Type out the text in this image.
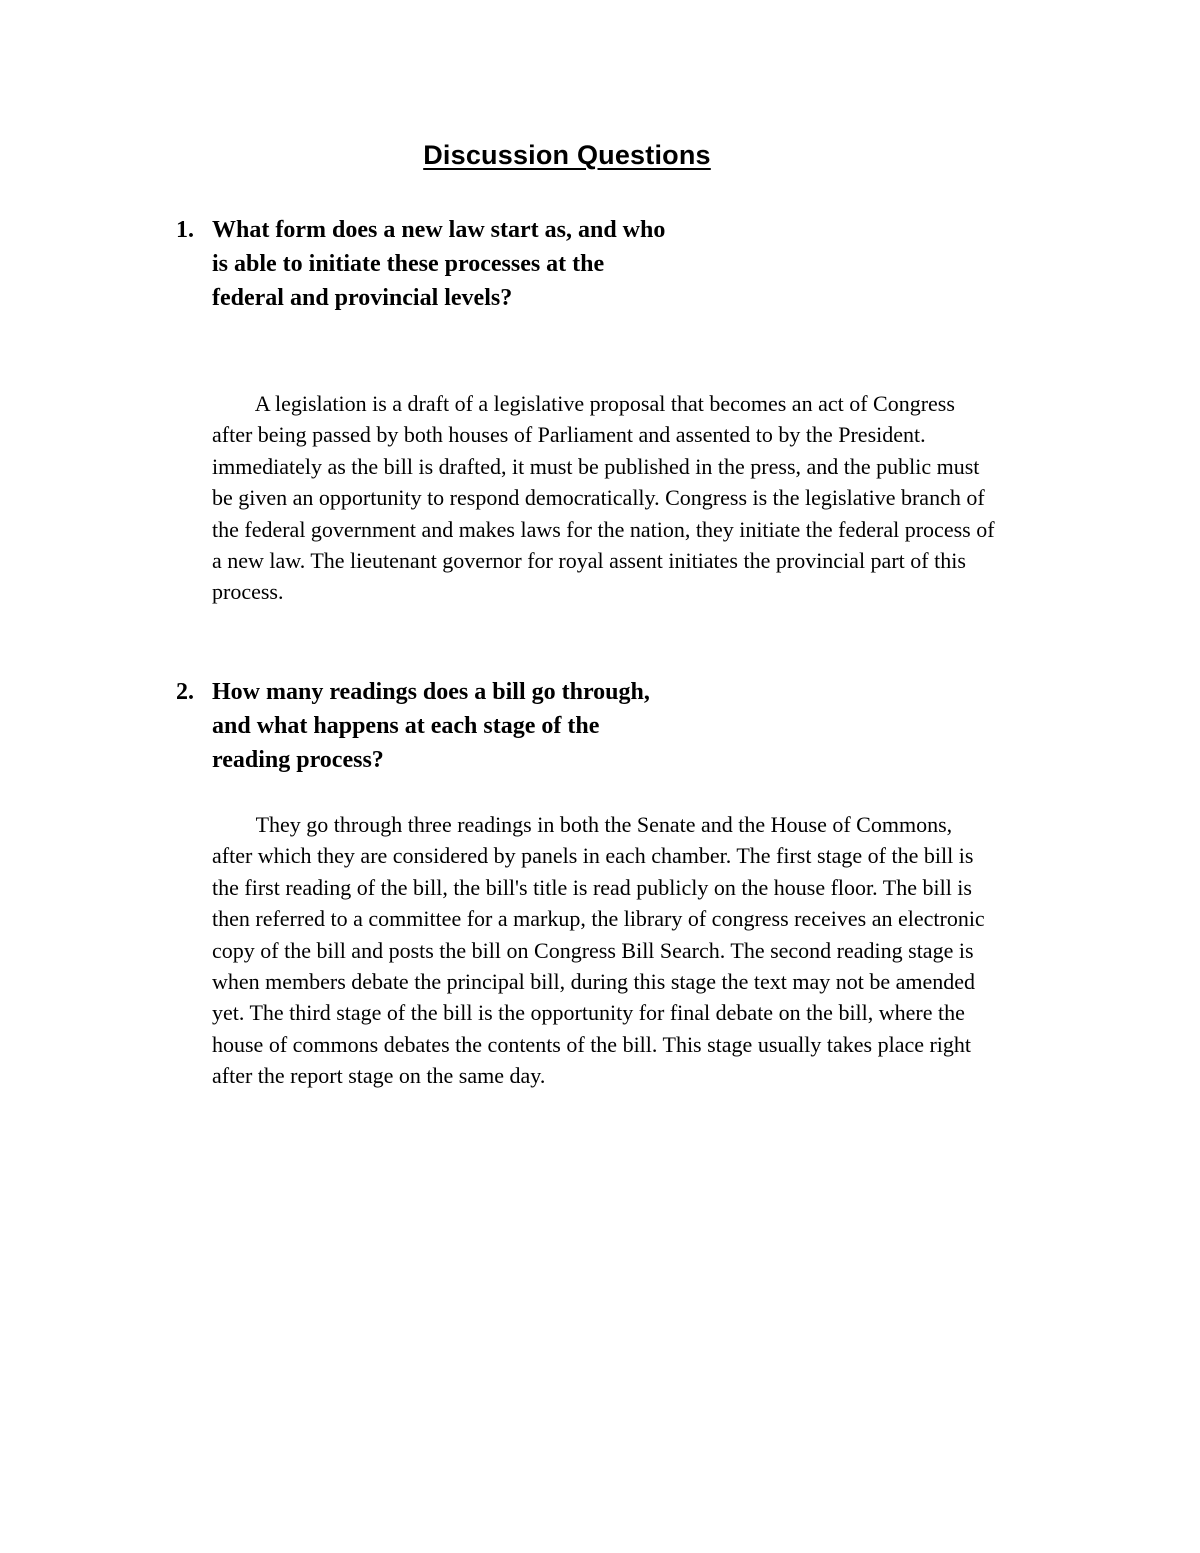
Discussion Questions
1. What form does a new law start as, and who
is able to initiate these processes at the
federal and provincial levels?
A legislation is a draft of a legislative proposal that becomes an act of Congress
after being passed by both houses of Parliament and assented to by the President.
immediately as the bill is drafted, it must be published in the press, and the public must
be given an opportunity to respond democratically. Congress is the legislative branch of
the federal government and makes laws for the nation, they initiate the federal process of
a new law. The lieutenant governor for royal assent initiates the provincial part of this
process.
2. How many readings does a bill go through,
and what happens at each stage of the
reading process?
They go through three readings in both the Senate and the House of Commons,
after which they are considered by panels in each chamber. The first stage of the bill is
the first reading of the bill, the bill's title is read publicly on the house floor. The bill is
then referred to a committee for a markup, the library of congress receives an electronic
copy of the bill and posts the bill on Congress Bill Search. The second reading stage is
when members debate the principal bill, during this stage the text may not be amended
yet. The third stage of the bill is the opportunity for final debate on the bill, where the
house of commons debates the contents of the bill. This stage usually takes place right
after the report stage on the same day.
